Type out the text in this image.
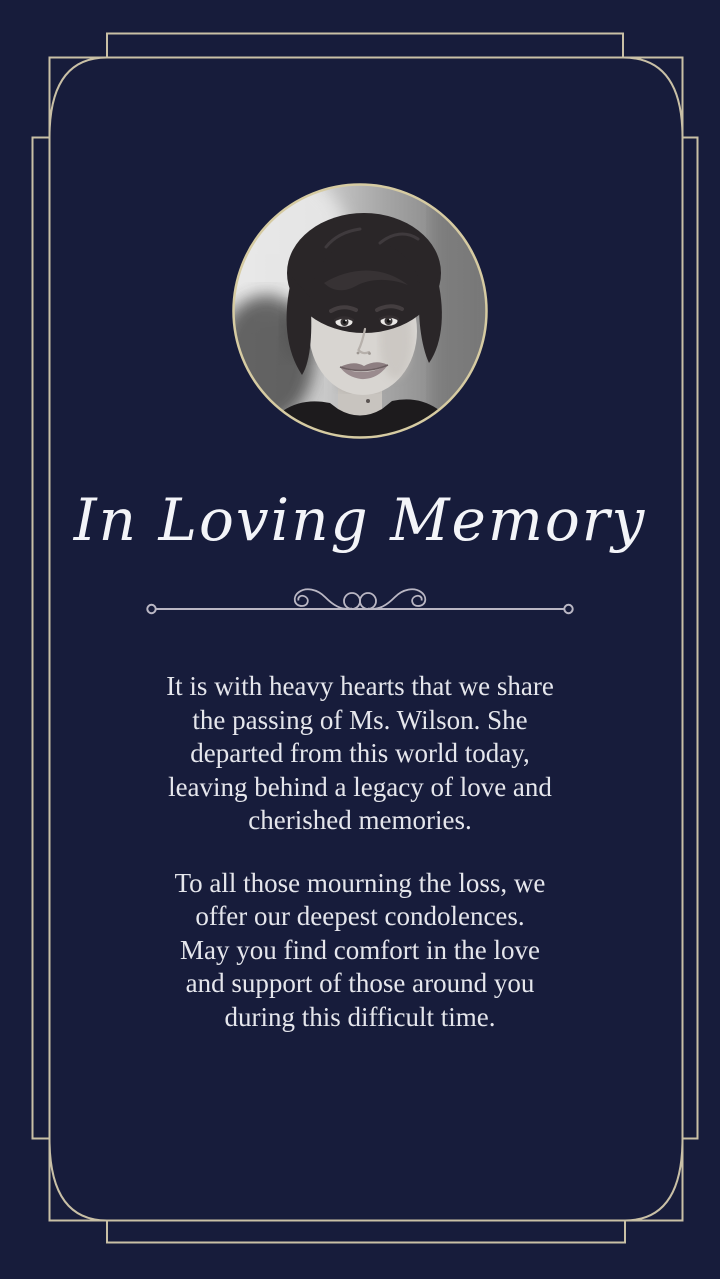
In Loving Memory
It is with heavy hearts that we share
the passing of Ms. Wilson. She
departed from this world today,
leaving behind a legacy of love and
cherished memories.
To all those mourning the loss, we
offer our deepest condolences.
May you find comfort in the love
and support of those around you
during this difficult time.
